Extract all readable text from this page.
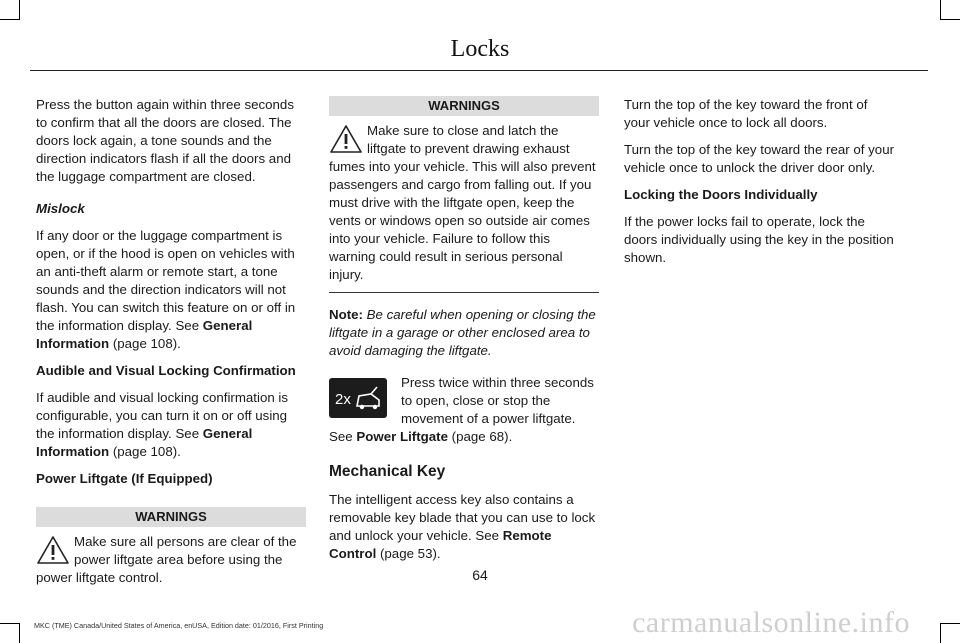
Locks

Press the button again within three seconds to confirm that all the doors are closed. The doors lock again, a tone sounds and the direction indicators flash if all the doors and the luggage compartment are closed.

Mislock

If any door or the luggage compartment is open, or if the hood is open on vehicles with an anti-theft alarm or remote start, a tone sounds and the direction indicators will not flash. You can switch this feature on or off in the information display. See General Information (page 108).

Audible and Visual Locking Confirmation

If audible and visual locking confirmation is configurable, you can turn it on or off using the information display. See General Information (page 108).

Power Liftgate (If Equipped)

WARNINGS
Make sure all persons are clear of the power liftgate area before using the power liftgate control.
WARNINGS
Make sure to close and latch the liftgate to prevent drawing exhaust fumes into your vehicle. This will also prevent passengers and cargo from falling out. If you must drive with the liftgate open, keep the vents or windows open so outside air comes into your vehicle. Failure to follow this warning could result in serious personal injury.

Note: Be careful when opening or closing the liftgate in a garage or other enclosed area to avoid damaging the liftgate.

2x
Press twice within three seconds to open, close or stop the movement of a power liftgate. See Power Liftgate (page 68).
Mechanical Key

The intelligent access key also contains a removable key blade that you can use to lock and unlock your vehicle. See Remote Control (page 53).

Turn the top of the key toward the front of your vehicle once to lock all doors.

Turn the top of the key toward the rear of your vehicle once to unlock the driver door only.

Locking the Doors Individually

If the power locks fail to operate, lock the doors individually using the key in the position shown.

64
MKC (TME) Canada/United States of America, enUSA, Edition date: 01/2016, First Printing	carmanualsonline.info
